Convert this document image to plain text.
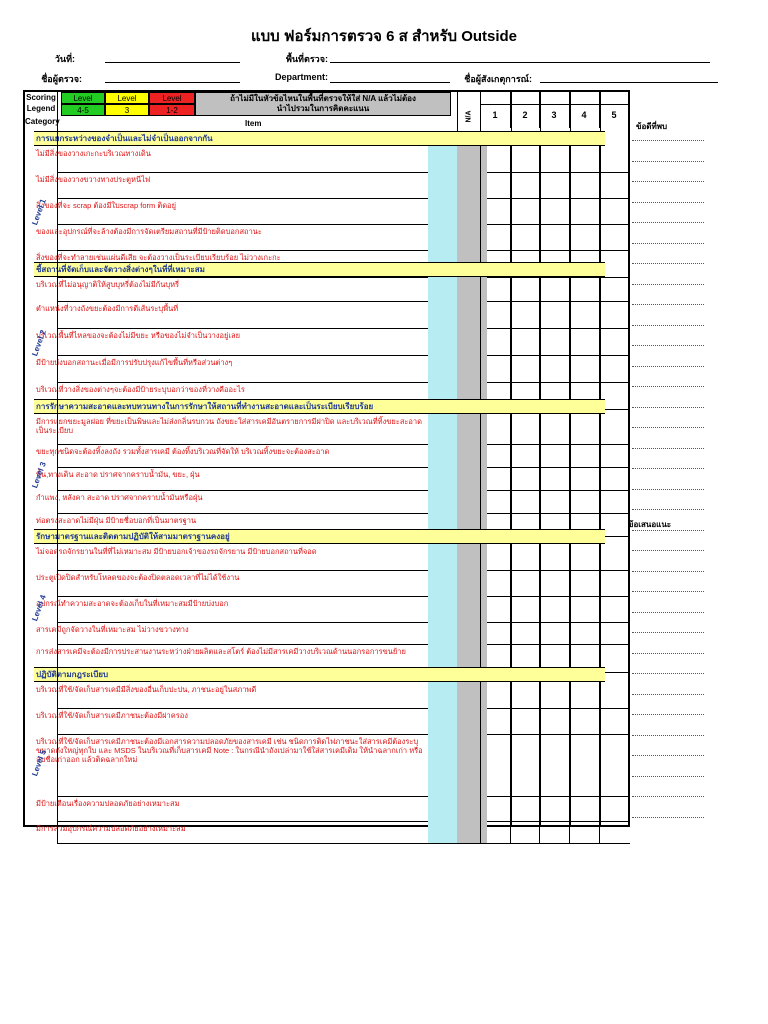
แบบ ฟอร์มการตรวจ 6 ส สำหรับ Outside
วันที่:	พื้นที่ตรวจ:
ชื่อผู้ตรวจ:	Department:	ชื่อผู้สังเกตุการณ์:
Scoring
Legend
Level
4-5
Level
3
Level
1-2
ถ้าไม่มีในหัวข้อไหนในพื้นที่ตรวจให้ใส่ N/A แล้วไม่ต้องนำไปรวมในการคิดคะแนน
Category	Item
N/A	1	2	3	4	5
ข้อดีที่พบ
ข้อเสนอแนะ
การแยกระหว่างของจำเป็นและไม่จำเป็นออกจากกัน
ไม่มีสิ่งของวางเกะกะบริเวณทางเดิน
ไม่มีสิ่งของวางขวางทางประตูหนีไฟ
สิ่งของที่จะ scrap ต้องมีใบscrap form ติดอยู่
ของและอุปกรณ์ที่จะล้างต้องมีการจัดเตรียมสถานที่มีป้ายติดบอกสถานะ
สิ่งของที่จะทำลายเช่นแผ่นดีเสีย จะต้องวางเป็นระเบียบเรียบร้อย ไม่วางเกะกะ
Level 1
ชี้สถานที่จัดเก็บและจัดวางสิ่งต่างๆในที่ที่เหมาะสม
บริเวณที่ไม่อนุญาติให้สูบบุหรี่ต้องไม่มีก้นบุหรี่
ตำแหน่งที่วางถังขยะต้องมีการตีเส้นระบุพื้นที่
บริเวณพื้นที่ไหลของจะต้องไม่มีขยะ หรือของไม่จำเป็นวางอยู่เลย
มีป้ายบ่งบอกสถานะเมื่อมีการปรับปรุงแก้ไขพื้นที่หรือส่วนต่างๆ
บริเวณที่วางสิ่งของต่างๆจะต้องมีป้ายระบุบอกว่าของที่วางคืออะไร
Level 2
การรักษาความสะอาดและทบทวนทางในการรักษาให้สถานที่ทำงานสะอาดและเป็นระเบียบเรียบร้อย
มีการแยกขยะมูลฝอย ที่ขยะเป็นพิษและไม่ส่งกลิ่นรบกวน ถังขยะใส่สารเคมีอันตรายการมีฝาปิด และบริเวณที่ทิ้งขยะสะอาด เป็นระเบียบ
ขยะทุกชนิดจะต้องทิ้งลงถัง รวมทั้งสารเคมี ต้องทิ้งบริเวณที่จัดให้ บริเวณทิ้งขยะจะต้องสะอาด
พื้น,ทางเดิน สะอาด ปราศจากคราบน้ำมัน, ขยะ, ฝุ่น
กำแพง, หลังคา สะอาด ปราศจากคราบน้ำมันหรือฝุ่น
ท่อตรงสะอาดไม่มีฝุ่น มีป้ายชื่อบอกที่เป็นมาตรฐาน
Level 3
รักษามาตรฐานและติดตามปฏิบัติให้สามมาตราฐานคงอยู่
ไม่จอดรถจักรยานในที่ที่ไม่เหมาะสม มีป้ายบอกเจ้าของรถจักรยาน มีป้ายบอกสถานที่จอด
ประตูเปิดปิดสำหรับโหลดของจะต้องปิดตลอดเวลาที่ไม่ได้ใช้งาน
อุปกรณ์ทำความสะอาดจะต้องเก็บในที่เหมาะสมมีป้ายบ่งบอก
สารเคมีถูกจัดวางในที่เหมาะสม ไม่วางขวางทาง
การส่งสารเคมีจะต้องมีการประสานงานระหว่างฝ่ายผลิตและสโตร์ ต้องไม่มีสารเคมีวางบริเวณด้านนอกรอการขนย้าย
Level 4
ปฏิบัติตามกฎระเบียบ
บริเวณที่ใช้/จัดเก็บสารเคมีมีสิ่งของอื่นเก็บปะปน, ภาชนะอยู่ในสภาพดี
บริเวณที่ใช้/จัดเก็บสารเคมีภาชนะต้องมีฝาครอง
บริเวณที่ใช้/จัดเก็บสารเคมีภาชนะต้องมีเอกสารความปลอดภัยของสารเคมี เช่น ชนิดการติดไฟภาชนะใส่สารเคมีต้องระบุขนาดถังใหญ่ทุกใบ และ MSDS ในบริเวณที่เก็บสารเคมี Note : ในกรณีนำถังเปล่ามาใช้ใส่สารเคมีเดิม ให้นำฉลากเก่า หรือลบชื่อเก่าออก แล้วติดฉลากใหม่
มีป้ายเตือนเรื่องความปลอดภัยอย่างเหมาะสม
มีการสวมอุปกรณ์ความปลอดภัยอย่างเหมาะสม
Level 5
